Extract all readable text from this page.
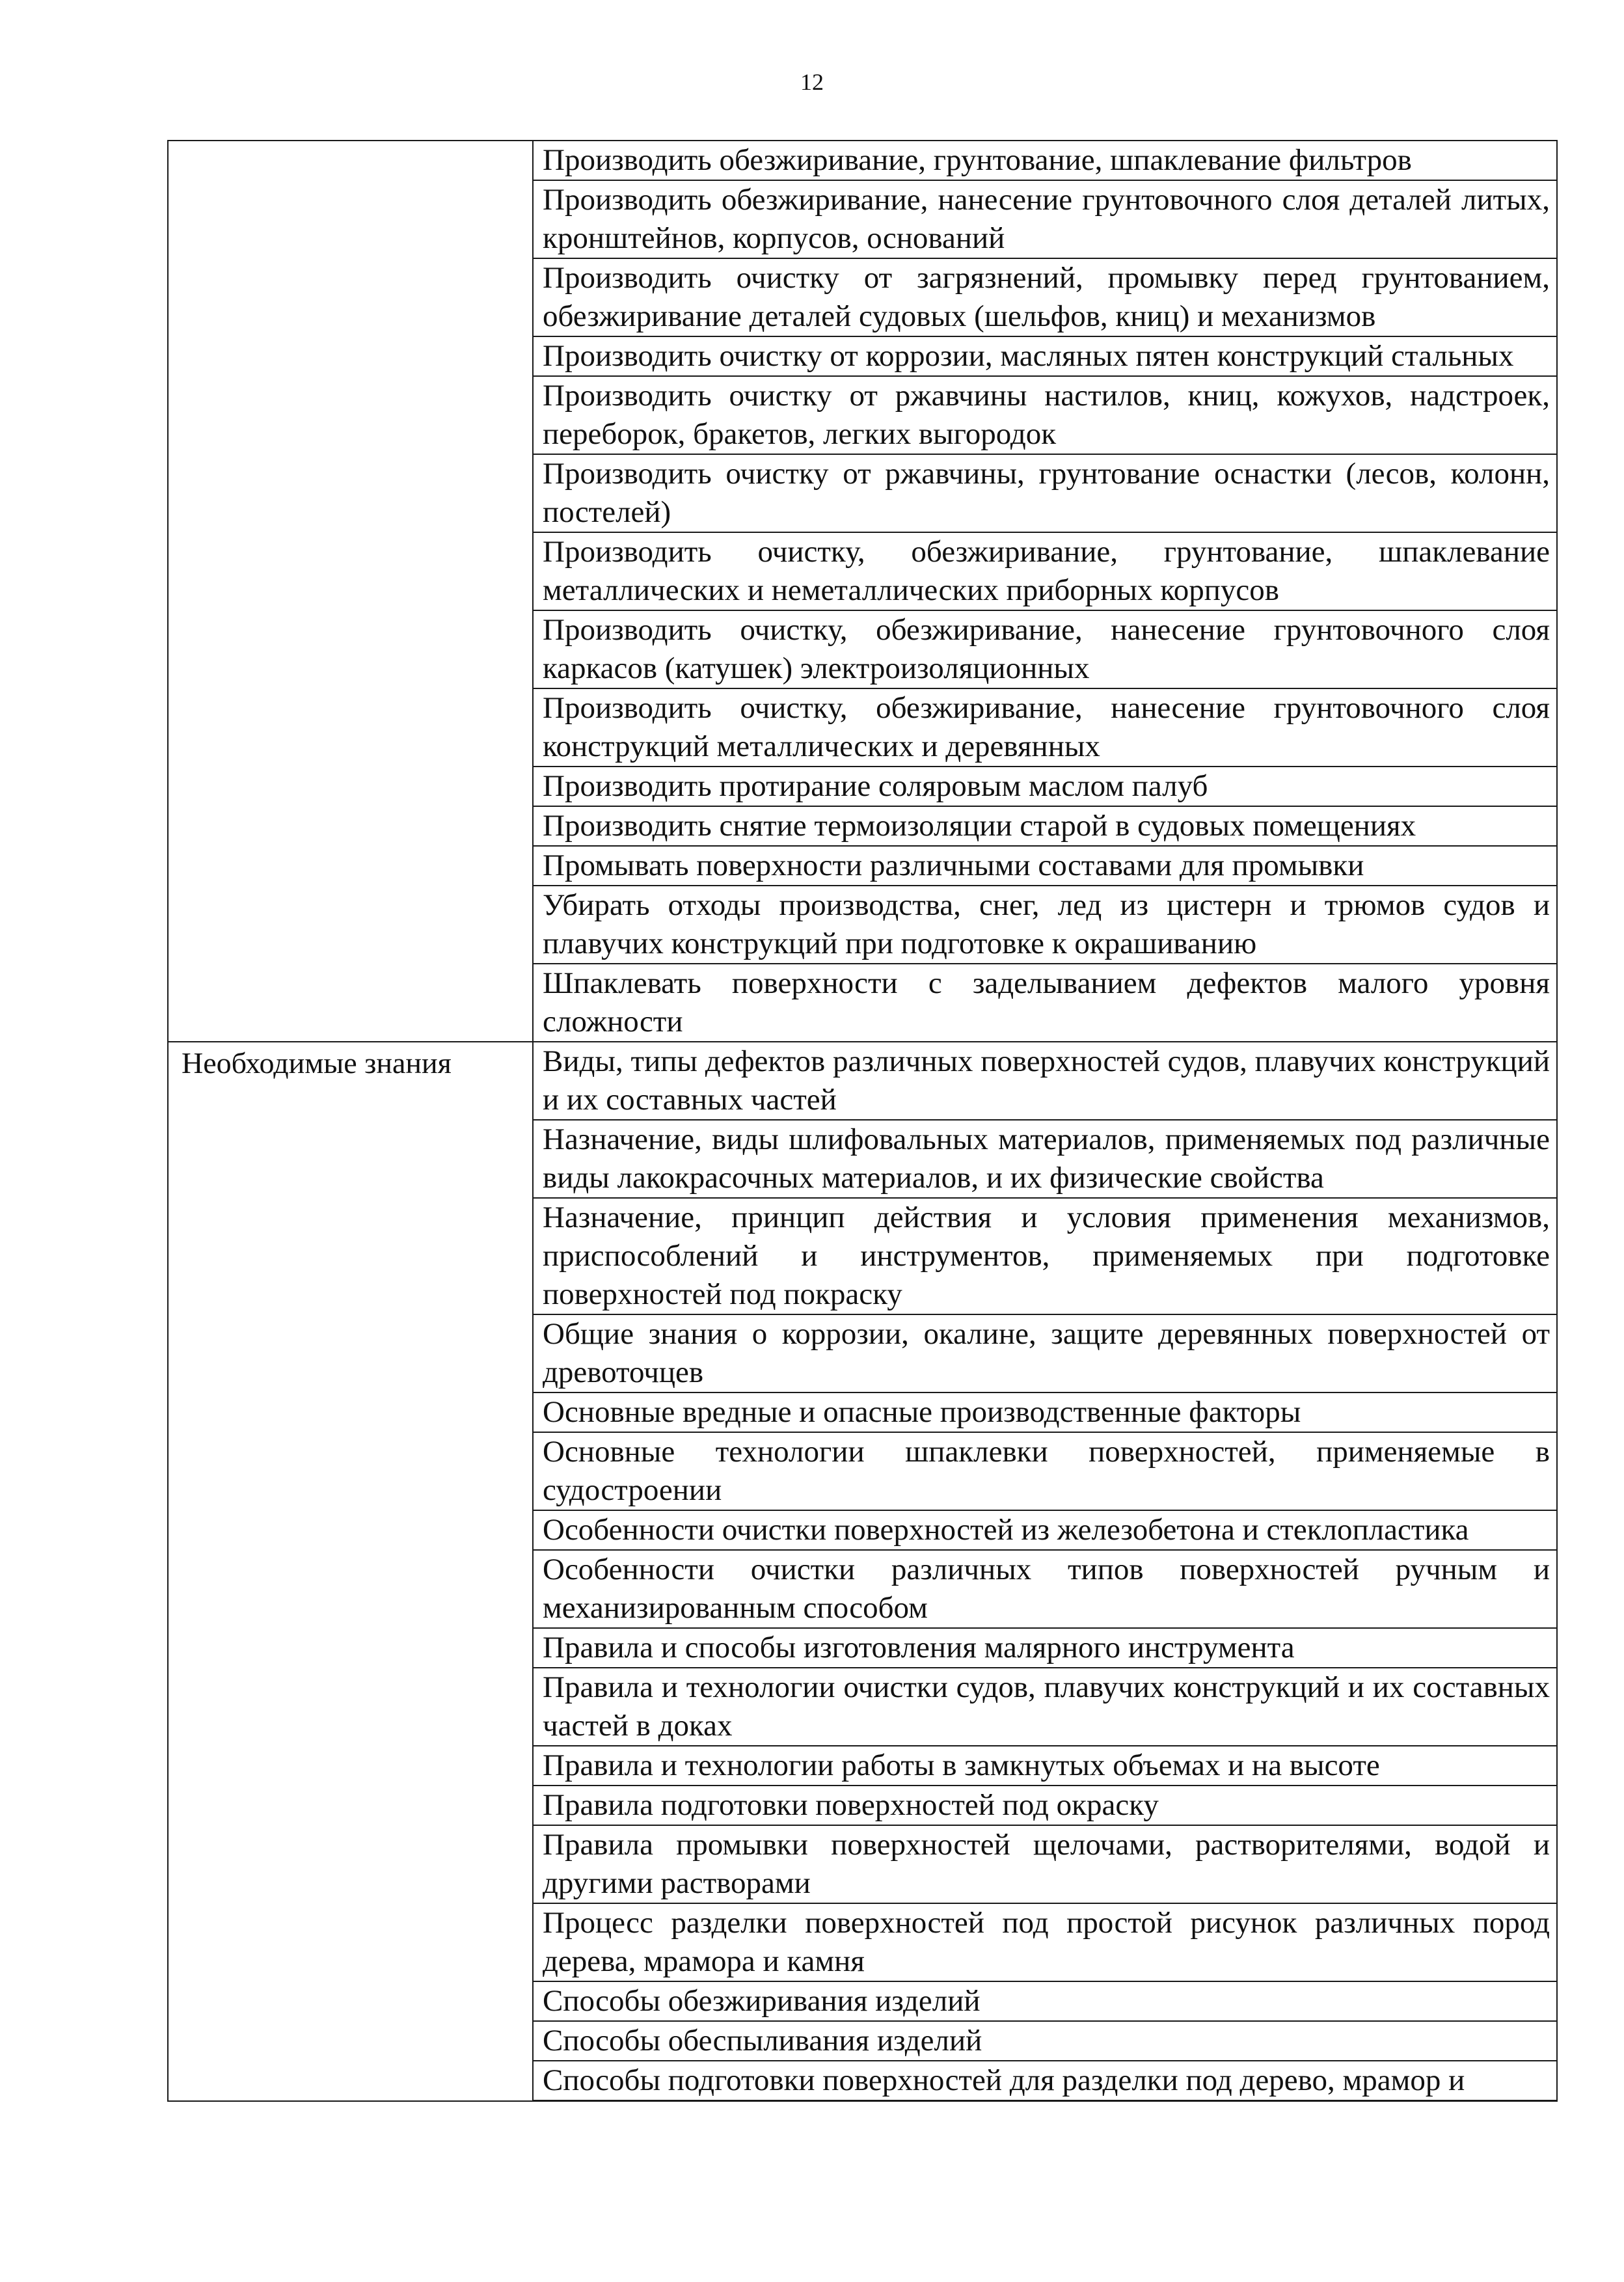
12
	Производить обезжиривание, грунтование, шпаклевание фильтров
	Производить обезжиривание, нанесение грунтовочного слоя деталей литых, кронштейнов, корпусов, оснований
	Производить очистку от загрязнений, промывку перед грунтованием, обезжиривание деталей судовых (шельфов, книц) и механизмов
	Производить очистку от коррозии, масляных пятен конструкций стальных
	Производить очистку от ржавчины настилов, книц, кожухов, надстроек, переборок, бракетов, легких выгородок
	Производить очистку от ржавчины, грунтование оснастки (лесов, колонн, постелей)
	Производить очистку, обезжиривание, грунтование, шпаклевание металлических и неметаллических приборных корпусов
	Производить очистку, обезжиривание, нанесение грунтовочного слоя каркасов (катушек) электроизоляционных
	Производить очистку, обезжиривание, нанесение грунтовочного слоя конструкций металлических и деревянных
	Производить протирание соляровым маслом палуб
	Производить снятие термоизоляции старой в судовых помещениях
	Промывать поверхности различными составами для промывки
	Убирать отходы производства, снег, лед из цистерн и трюмов судов и плавучих конструкций при подготовке к окрашиванию
	Шпаклевать поверхности с заделыванием дефектов малого уровня сложности
Необходимые знания	Виды, типы дефектов различных поверхностей судов, плавучих конструкций и их составных частей
	Назначение, виды шлифовальных материалов, применяемых под различные виды лакокрасочных материалов, и их физические свойства
	Назначение, принцип действия и условия применения механизмов, приспособлений и инструментов, применяемых при подготовке поверхностей под покраску
	Общие знания о коррозии, окалине, защите деревянных поверхностей от древоточцев
	Основные вредные и опасные производственные факторы
	Основные технологии шпаклевки поверхностей, применяемые в судостроении
	Особенности очистки поверхностей из железобетона и стеклопластика
	Особенности очистки различных типов поверхностей ручным и механизированным способом
	Правила и способы изготовления малярного инструмента
	Правила и технологии очистки судов, плавучих конструкций и их составных частей в доках
	Правила и технологии работы в замкнутых объемах и на высоте
	Правила подготовки поверхностей под окраску
	Правила промывки поверхностей щелочами, растворителями, водой и другими растворами
	Процесс разделки поверхностей под простой рисунок различных пород дерева, мрамора и камня
	Способы обезжиривания изделий
	Способы обеспыливания изделий
	Способы подготовки поверхностей для разделки под дерево, мрамор и
